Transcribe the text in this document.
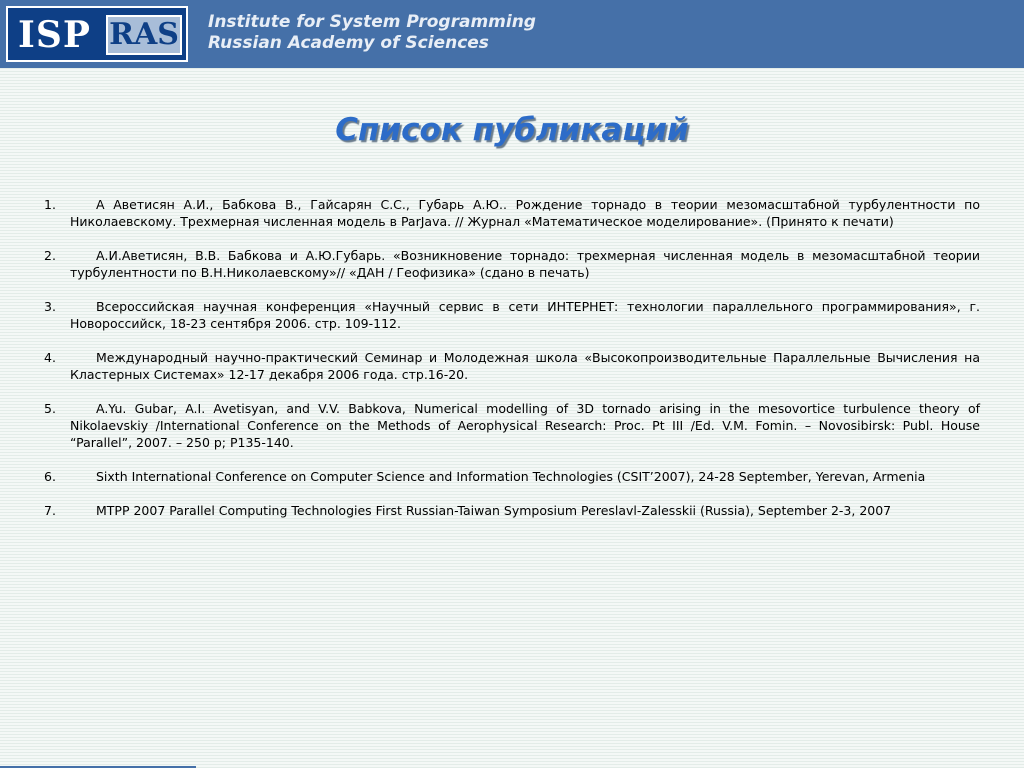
ISP RAS Institute for System Programming
Russian Academy of Sciences
Список публикаций
1.	А Аветисян А.И., Бабкова В., Гайсарян С.С., Губарь А.Ю.. Рождение торнадо в теории мезомасштабной турбулентности по Николаевскому. Трехмерная численная модель в ParJava. // Журнал «Математическое моделирование». (Принято к печати)

2.	А.И.Аветисян, В.В. Бабкова и А.Ю.Губарь. «Возникновение торнадо: трехмерная численная модель в мезомасштабной теории турбулентности по В.Н.Николаевскому»// «ДАН / Геофизика» (сдано в печать)

3.	Всероссийская научная конференция «Научный сервис в сети ИНТЕРНЕТ: технологии параллельного программирования», г. Новороссийск, 18-23 сентября 2006. стр. 109-112.

4.	Международный научно-практический Семинар и Молодежная школа «Высокопроизводительные Параллельные Вычисления на Кластерных Системах» 12-17 декабря 2006 года. стр.16-20.

5.	A.Yu. Gubar, A.I. Avetisyan, and V.V. Babkova, Numerical modelling of 3D tornado arising in the mesovortice turbulence theory of Nikolaevskiy /International Conference on the Methods of Aerophysical Research: Proc. Pt III /Ed. V.M. Fomin. – Novosibirsk: Publ. House “Parallel”, 2007. – 250 p; P135-140.

6.	Sixth International Conference on Computer Science and Information Technologies (CSIT’2007), 24-28 September, Yerevan, Armenia

7.	MTPP 2007 Parallel Computing Technologies First Russian-Taiwan Symposium Pereslavl-Zalesskii (Russia), September 2-3, 2007
